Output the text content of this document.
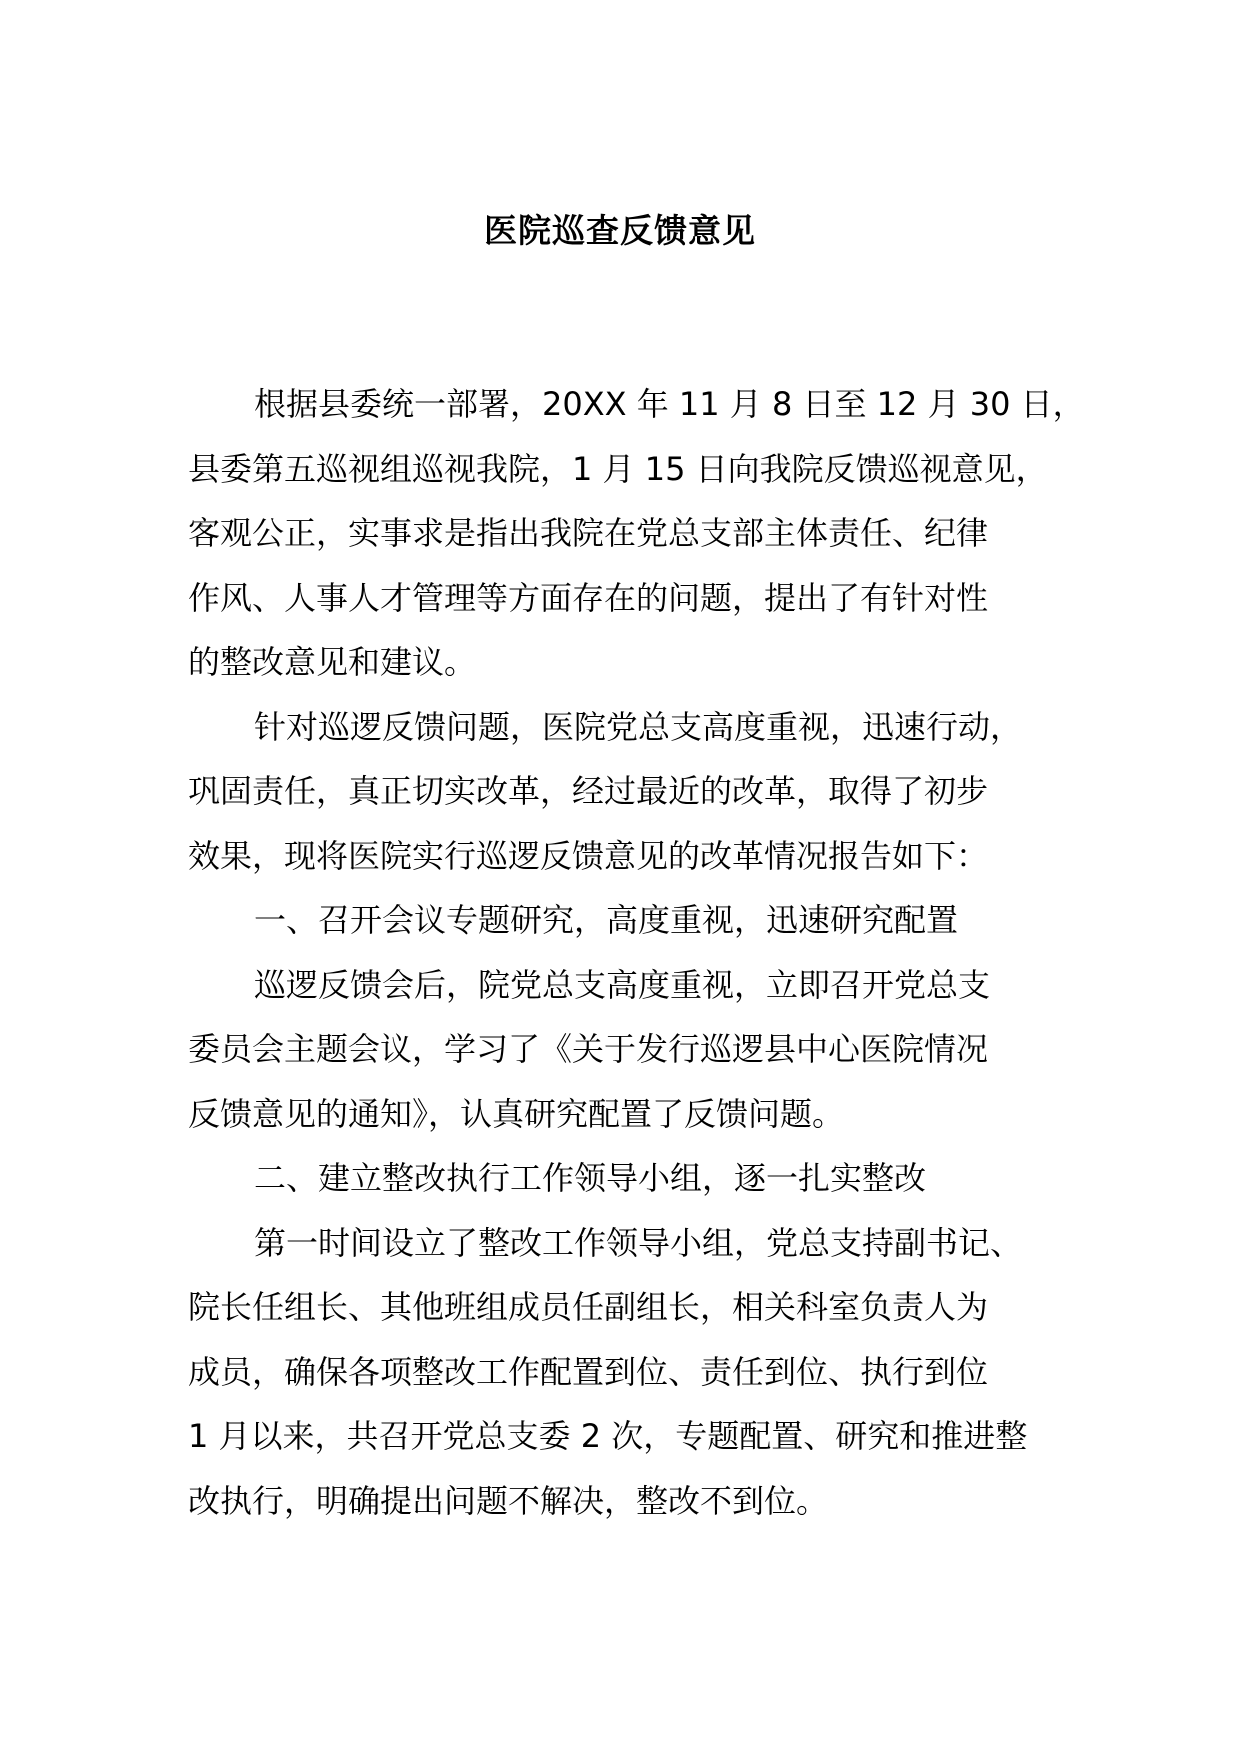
医院巡查反馈意见
根据县委统一部署，20XX 年 11 月 8 日至 12 月 30 日，
县委第五巡视组巡视我院，1 月 15 日向我院反馈巡视意见，
客观公正，实事求是指出我院在党总支部主体责任、纪律
作风、人事人才管理等方面存在的问题，提出了有针对性
的整改意见和建议。
针对巡逻反馈问题，医院党总支高度重视，迅速行动，
巩固责任，真正切实改革，经过最近的改革，取得了初步
效果，现将医院实行巡逻反馈意见的改革情况报告如下：
一、召开会议专题研究，高度重视，迅速研究配置
巡逻反馈会后，院党总支高度重视，立即召开党总支
委员会主题会议，学习了《关于发行巡逻县中心医院情况
反馈意见的通知》，认真研究配置了反馈问题。
二、建立整改执行工作领导小组，逐一扎实整改
第一时间设立了整改工作领导小组，党总支持副书记、
院长任组长、其他班组成员任副组长，相关科室负责人为
成员，确保各项整改工作配置到位、责任到位、执行到位
1 月以来，共召开党总支委 2 次，专题配置、研究和推进整
改执行，明确提出问题不解决，整改不到位。
